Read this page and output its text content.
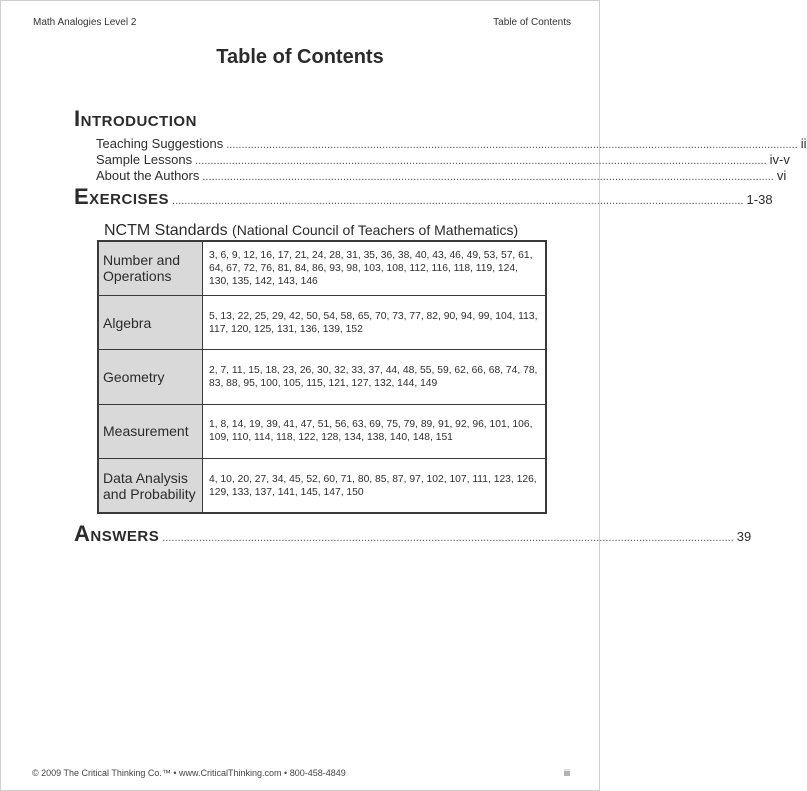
Math Analogies Level 2	Table of Contents
Table of Contents
Introduction
Teaching Suggestions ........................................................................................................................................................................................... ii
Sample Lessons ........................................................................................................................................................................................... iv-v
About the Authors ........................................................................................................................................................................................... vi
Exercises ........................................................................................................................................................................................... 1-38
NCTM Standards (National Council of Teachers of Mathematics)
Number and Operations	3, 6, 9, 12, 16, 17, 21, 24, 28, 31, 35, 36, 38, 40, 43, 46, 49, 53, 57, 61, 64, 67, 72, 76, 81, 84, 86, 93, 98, 103, 108, 112, 116, 118, 119, 124, 130, 135, 142, 143, 146
Algebra	5, 13, 22, 25, 29, 42, 50, 54, 58, 65, 70, 73, 77, 82, 90, 94, 99, 104, 113, 117, 120, 125, 131, 136, 139, 152
Geometry	2, 7, 11, 15, 18, 23, 26, 30, 32, 33, 37, 44, 48, 55, 59, 62, 66, 68, 74, 78, 83, 88, 95, 100, 105, 115, 121, 127, 132, 144, 149
Measurement	1, 8, 14, 19, 39, 41, 47, 51, 56, 63, 69, 75, 79, 89, 91, 92, 96, 101, 106, 109, 110, 114, 118, 122, 128, 134, 138, 140, 148, 151
Data Analysis and Probability	4, 10, 20, 27, 34, 45, 52, 60, 71, 80, 85, 87, 97, 102, 107, 111, 123, 126, 129, 133, 137, 141, 145, 147, 150
Answers ........................................................................................................................................................................................... 39
© 2009 The Critical Thinking Co.™ • www.CriticalThinking.com • 800-458-4849	iii
